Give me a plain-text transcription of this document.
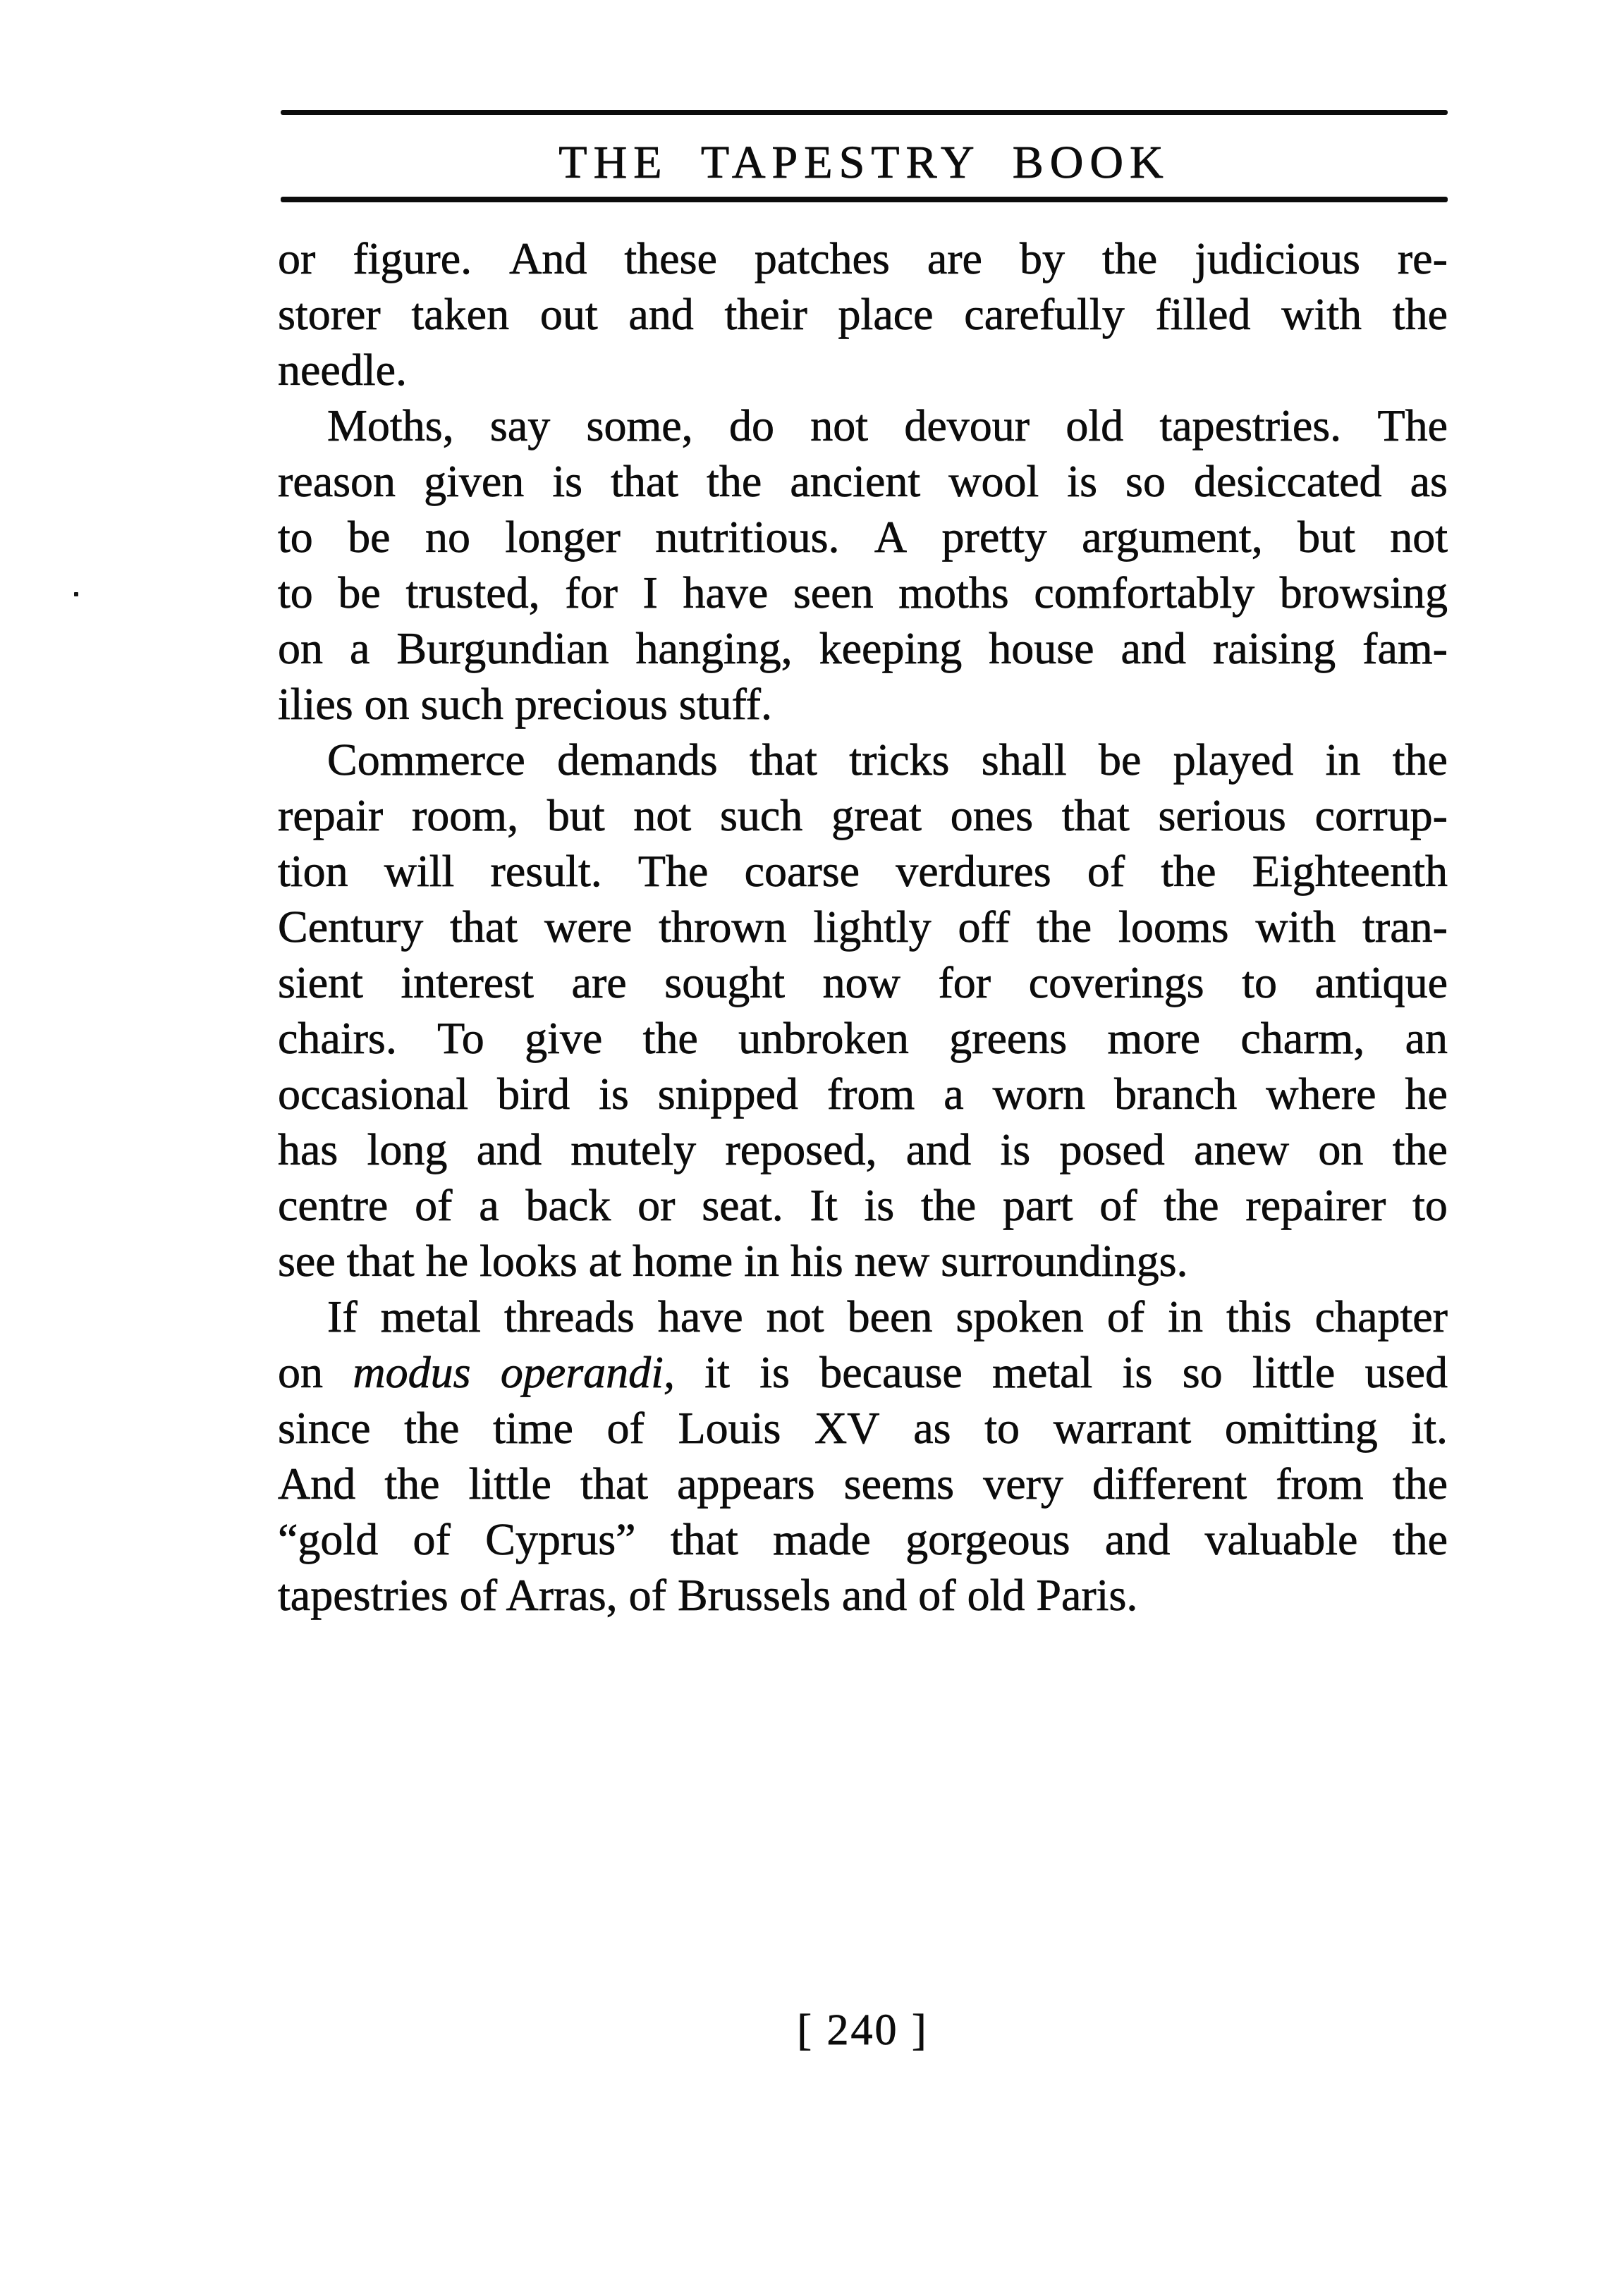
THE TAPESTRY BOOK
or figure. And these patches are by the judicious re-
storer taken out and their place carefully filled with the
needle.
Moths, say some, do not devour old tapestries. The
reason given is that the ancient wool is so desiccated as
to be no longer nutritious. A pretty argument, but not
to be trusted, for I have seen moths comfortably browsing
on a Burgundian hanging, keeping house and raising fam-
ilies on such precious stuff.
Commerce demands that tricks shall be played in the
repair room, but not such great ones that serious corrup-
tion will result. The coarse verdures of the Eighteenth
Century that were thrown lightly off the looms with tran-
sient interest are sought now for coverings to antique
chairs. To give the unbroken greens more charm, an
occasional bird is snipped from a worn branch where he
has long and mutely reposed, and is posed anew on the
centre of a back or seat. It is the part of the repairer to
see that he looks at home in his new surroundings.
If metal threads have not been spoken of in this chapter
on modus operandi, it is because metal is so little used
since the time of Louis XV as to warrant omitting it.
And the little that appears seems very different from the
“gold of Cyprus” that made gorgeous and valuable the
tapestries of Arras, of Brussels and of old Paris.
[ 240 ]
